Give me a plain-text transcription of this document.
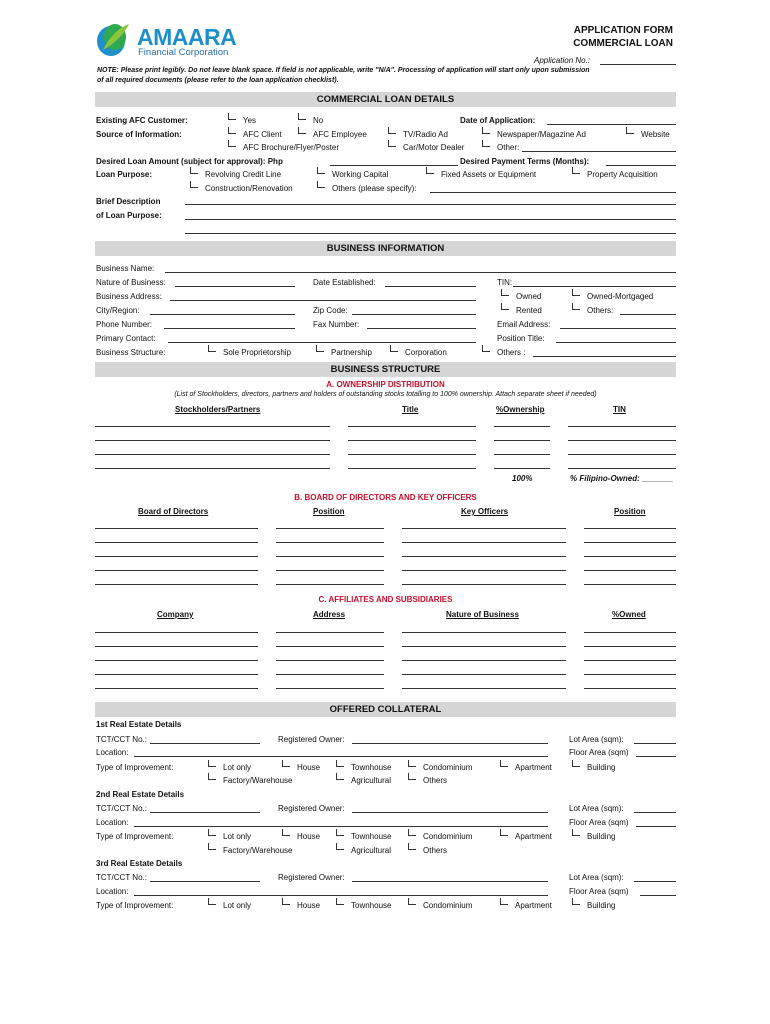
AMAARA
Financial Corporation
APPLICATION FORM
COMMERCIAL LOAN
Application No.:
NOTE: Please print legibly. Do not leave blank space. If field is not applicable, write "N/A". Processing of application will start only upon submission
of all required documents (please refer to the loan application checklist).
COMMERCIAL LOAN DETAILS
Existing AFC Customer:	Yes	No	Date of Application:
Source of Information:	AFC Client	AFC Employee	TV/Radio Ad	Newspaper/Magazine Ad	Website
AFC Brochure/Flyer/Poster	Car/Motor Dealer	Other:
Desired Loan Amount (subject for approval): Php	Desired Payment Terms (Months):
Loan Purpose:	Revolving Credit Line	Working Capital	Fixed Assets or Equipment	Property Acquisition
Construction/Renovation	Others (please specify):
Brief Description
of Loan Purpose:
BUSINESS INFORMATION
Business Name:
Nature of Business:	Date Established:	TIN:
Business Address:	Owned	Owned-Mortgaged
City/Region:	Zip Code:	Rented	Others:
Phone Number:	Fax Number:	Email Address:
Primary Contact:	Position Title:
Business Structure:	Sole Proprietorship	Partnership	Corporation	Others :
BUSINESS STRUCTURE
A. OWNERSHIP DISTRIBUTION
(List of Stockholders, directors, partners and holders of outstanding stocks totalling to 100% ownership. Attach separate sheet if needed)
Stockholders/Partners	Title	%Ownership	TIN
100%	% Filipino-Owned: _______
B. BOARD OF DIRECTORS AND KEY OFFICERS
Board of Directors	Position	Key Officers	Position
C. AFFILIATES AND SUBSIDIARIES
Company	Address	Nature of Business	%Owned
OFFERED COLLATERAL
1st Real Estate Details
TCT/CCT No.:	Registered Owner:	Lot Area (sqm):
Location:	Floor Area (sqm)
Type of Improvement:	Lot only	House	Townhouse	Condominium	Apartment	Building
Factory/Warehouse	Agricultural	Others
2nd Real Estate Details
TCT/CCT No.:	Registered Owner:	Lot Area (sqm):
Location:	Floor Area (sqm)
Type of Improvement:	Lot only	House	Townhouse	Condominium	Apartment	Building
Factory/Warehouse	Agricultural	Others
3rd Real Estate Details
TCT/CCT No.:	Registered Owner:	Lot Area (sqm):
Location:	Floor Area (sqm)
Type of Improvement:	Lot only	House	Townhouse	Condominium	Apartment	Building
